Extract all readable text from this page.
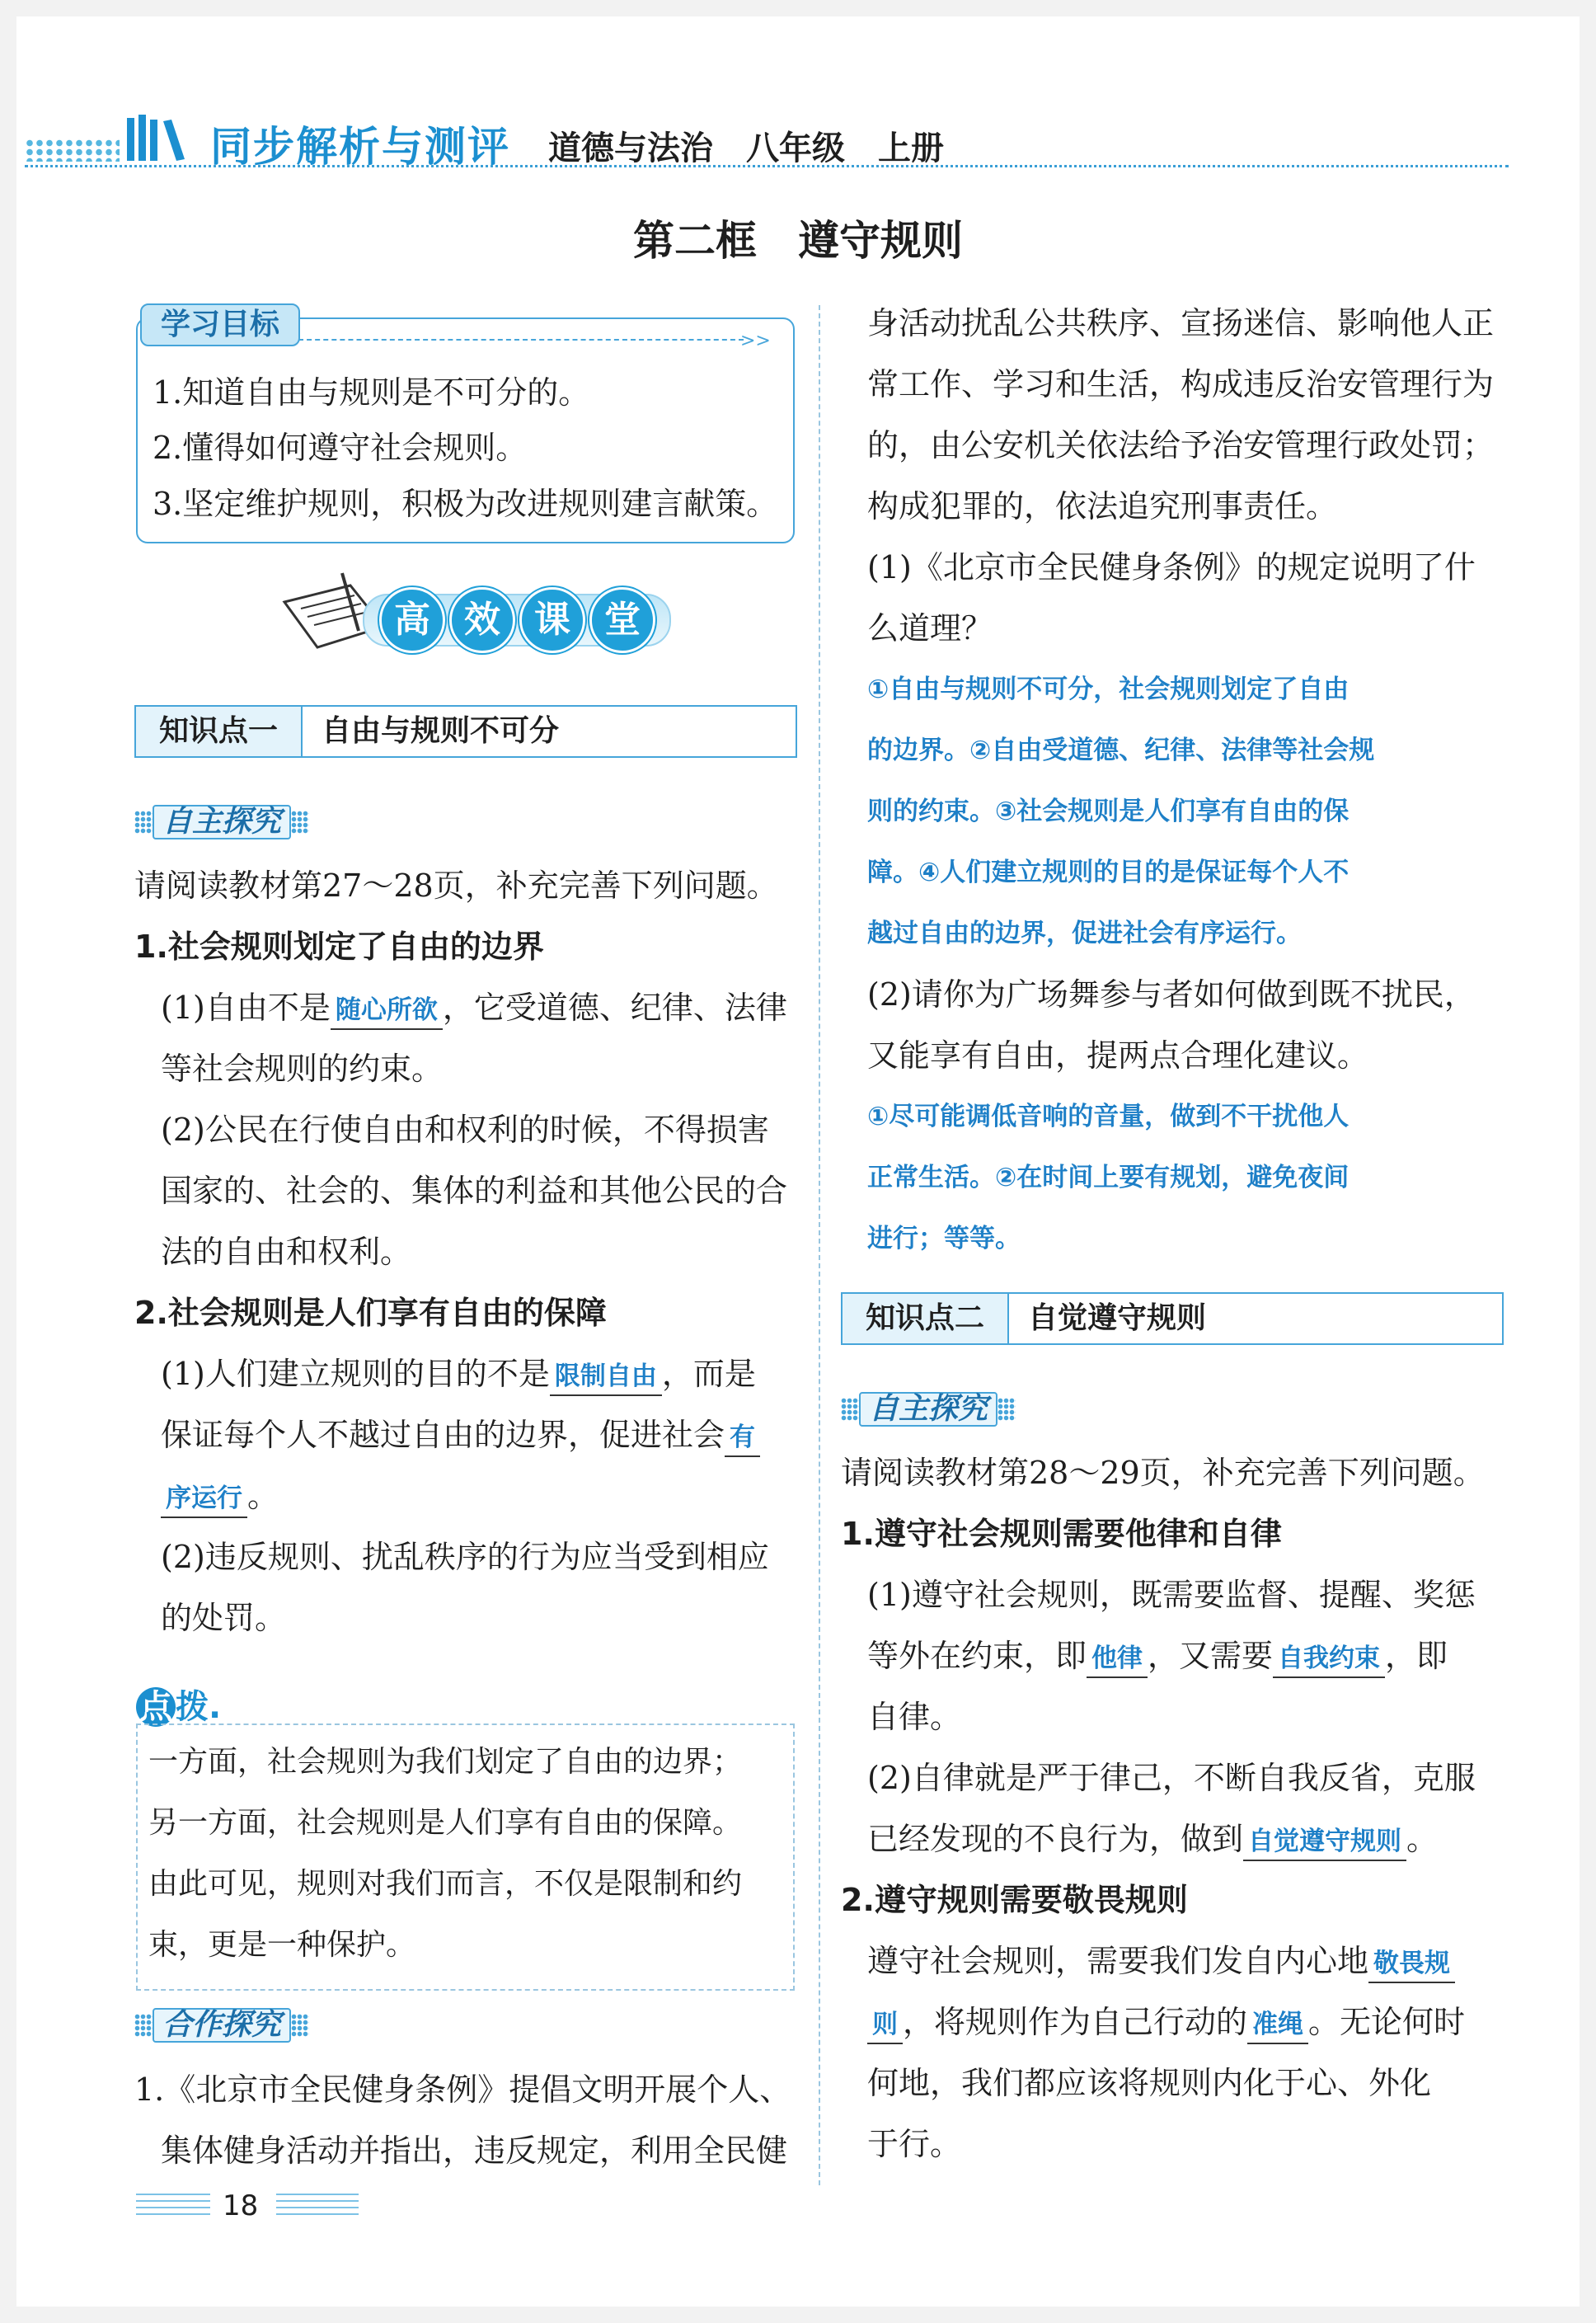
同步解析与测评 道德与法治　八年级　上册
第二框　遵守规则
学习目标	>>
1.知道自由与规则是不可分的。
2.懂得如何遵守社会规则。
3.坚定维护规则，积极为改进规则建言献策。
高 效 课 堂
知识点一	自由与规则不可分
自主探究
请阅读教材第27～28页，补充完善下列问题。
1.社会规则划定了自由的边界
(1)自由不是 随心所欲 ，它受道德、纪律、法律
等社会规则的约束。
(2)公民在行使自由和权利的时候，不得损害
国家的、社会的、集体的利益和其他公民的合
法的自由和权利。
2.社会规则是人们享有自由的保障
(1)人们建立规则的目的不是 限制自由 ，而是
保证每个人不越过自由的边界，促进社会 有
序运行 。
(2)违反规则、扰乱秩序的行为应当受到相应
的处罚。
点 拨.
一方面，社会规则为我们划定了自由的边界；
另一方面，社会规则是人们享有自由的保障。
由此可见，规则对我们而言，不仅是限制和约
束，更是一种保护。
合作探究
1.《北京市全民健身条例》提倡文明开展个人、
集体健身活动并指出，违反规定，利用全民健
身活动扰乱公共秩序、宣扬迷信、影响他人正
常工作、学习和生活，构成违反治安管理行为
的，由公安机关依法给予治安管理行政处罚；
构成犯罪的，依法追究刑事责任。
(1)《北京市全民健身条例》的规定说明了什
么道理？
①自由与规则不可分，社会规则划定了自由
的边界。②自由受道德、纪律、法律等社会规
则的约束。③社会规则是人们享有自由的保
障。④人们建立规则的目的是保证每个人不
越过自由的边界，促进社会有序运行。
(2)请你为广场舞参与者如何做到既不扰民，
又能享有自由，提两点合理化建议。
①尽可能调低音响的音量，做到不干扰他人
正常生活。②在时间上要有规划，避免夜间
进行；等等。
知识点二	自觉遵守规则
自主探究
请阅读教材第28～29页，补充完善下列问题。
1.遵守社会规则需要他律和自律
(1)遵守社会规则，既需要监督、提醒、奖惩
等外在约束，即 他律 ，又需要 自我约束 ，即
自律。
(2)自律就是严于律己，不断自我反省，克服
已经发现的不良行为，做到 自觉遵守规则 。
2.遵守规则需要敬畏规则
遵守社会规则，需要我们发自内心地 敬畏规
则 ，将规则作为自己行动的 准绳 。无论何时
何地，我们都应该将规则内化于心、外化
于行。
18
